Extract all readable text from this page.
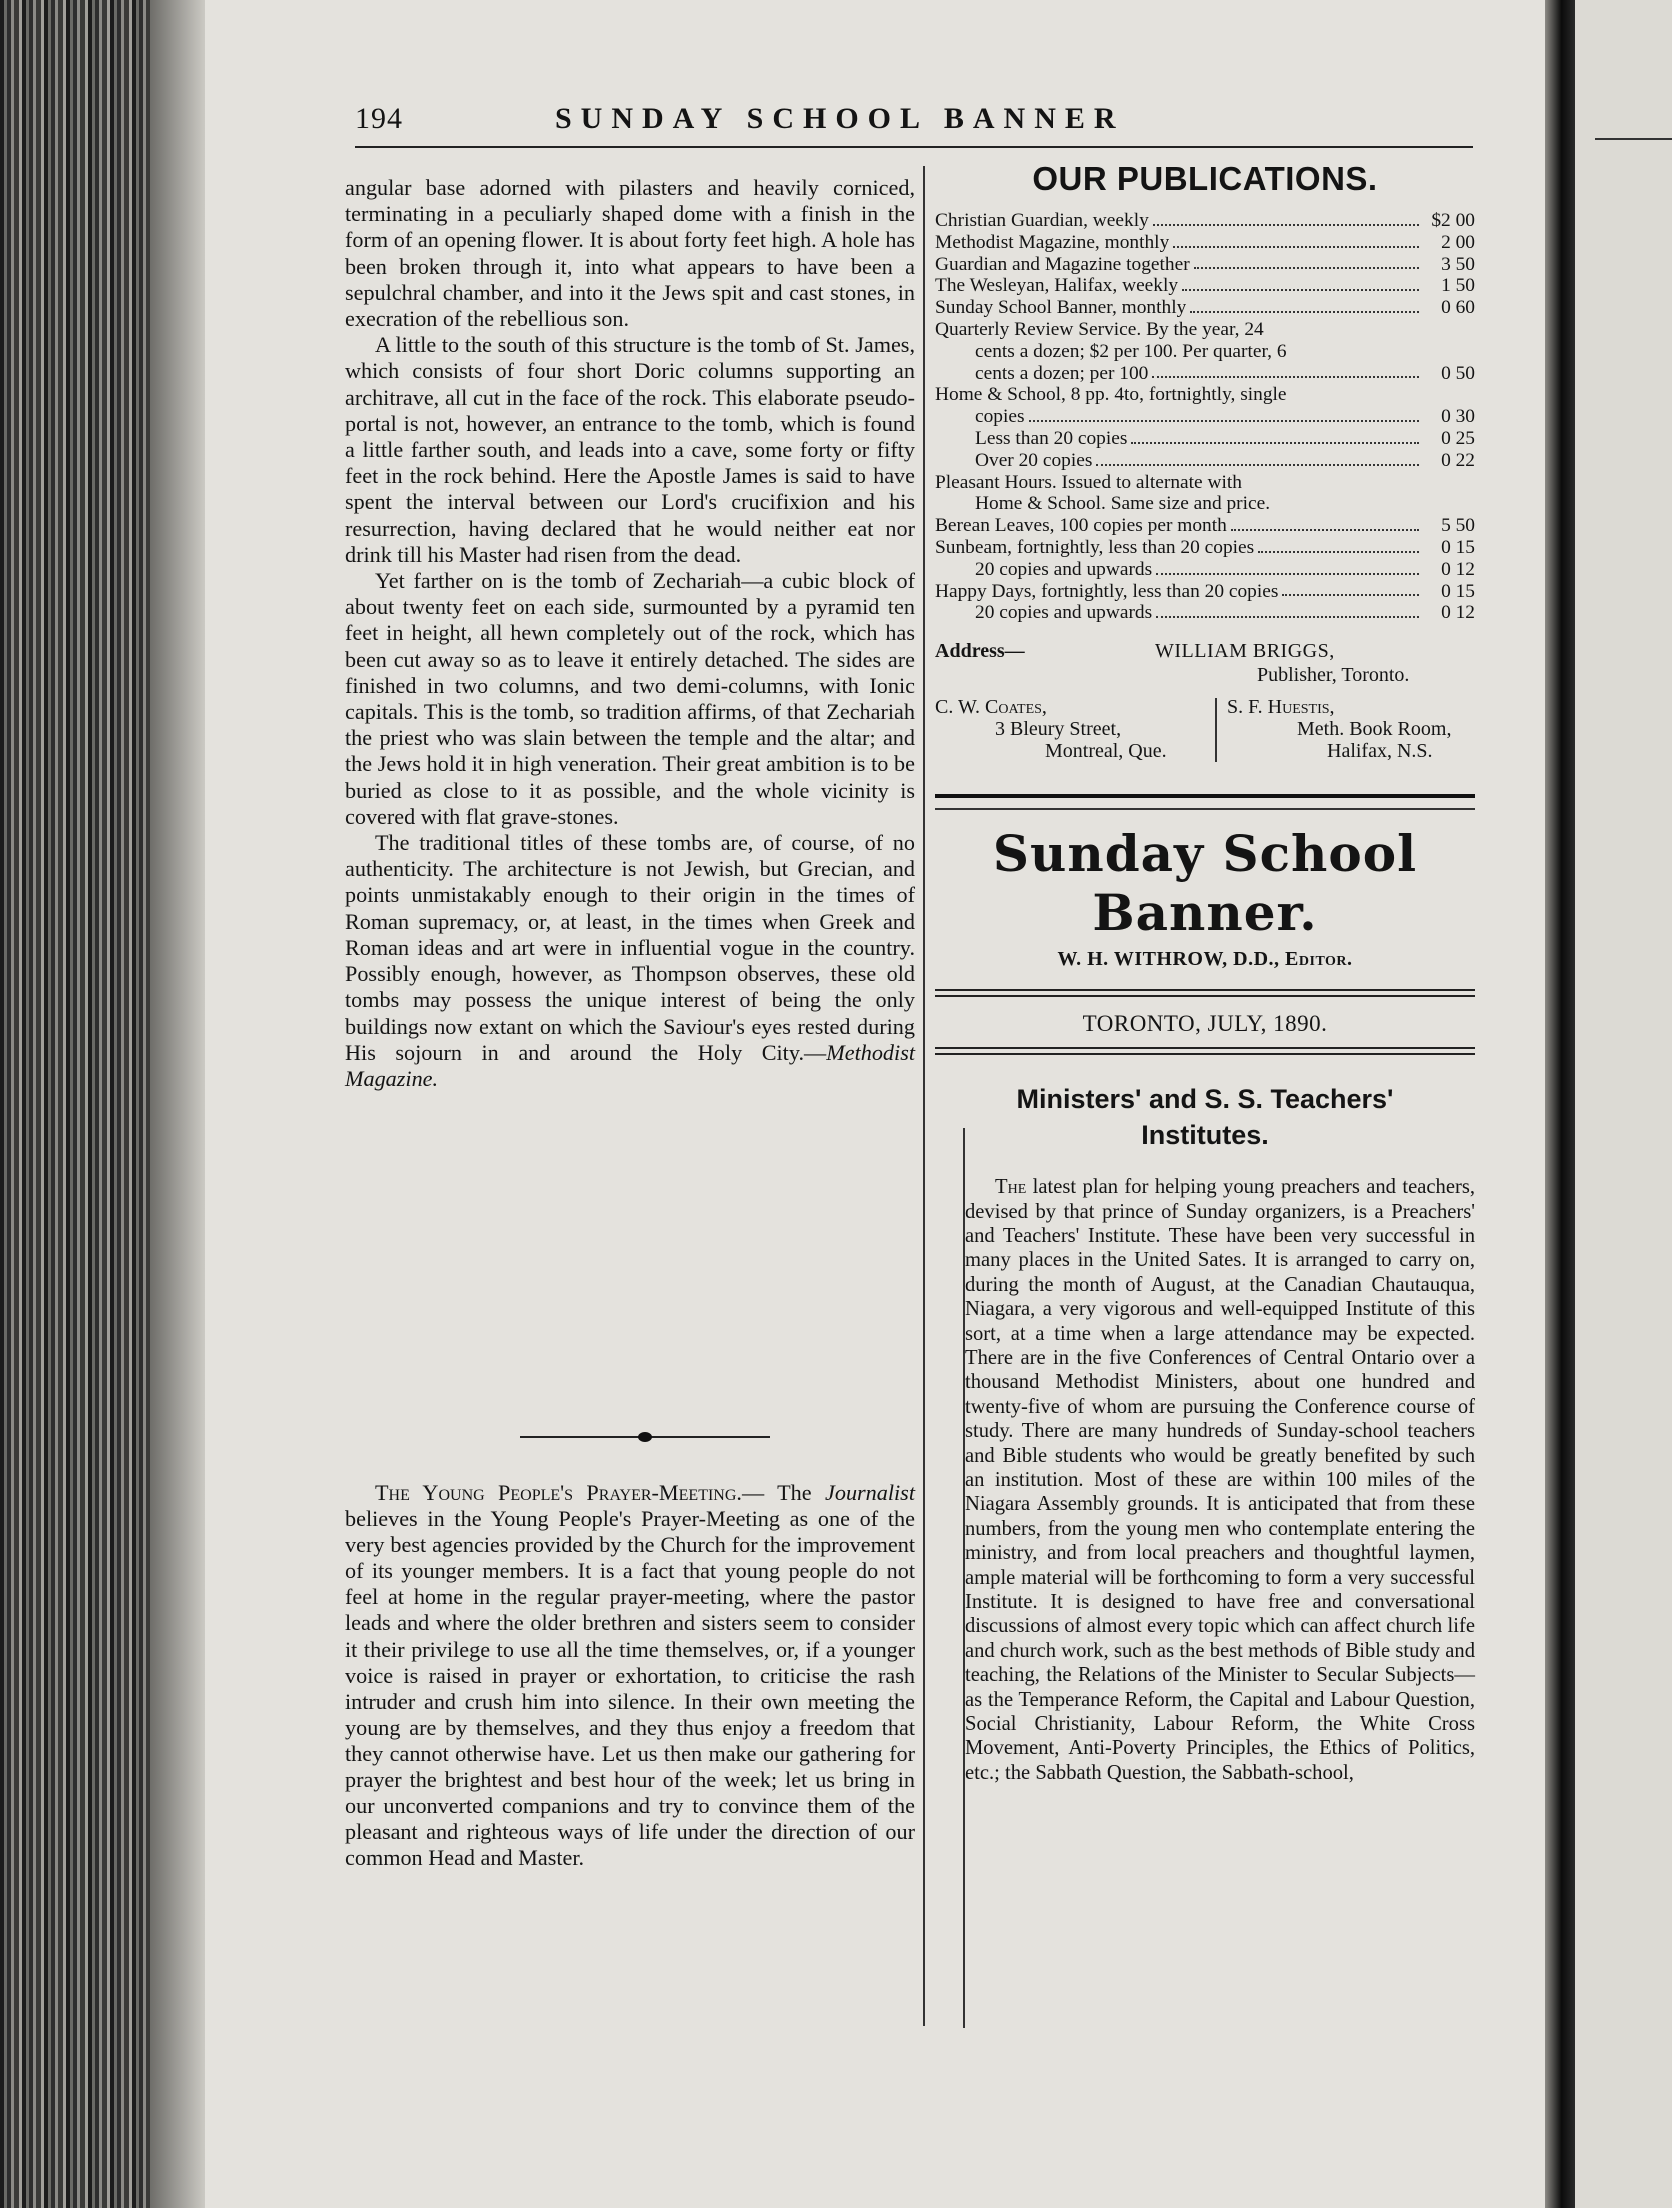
194	SUNDAY SCHOOL BANNER

angular base adorned with pilasters and heavily corniced, terminating in a peculiarly shaped dome with a finish in the form of an opening flower. It is about forty feet high. A hole has been broken through it, into what appears to have been a sepulchral chamber, and into it the Jews spit and cast stones, in execration of the rebellious son.

A little to the south of this structure is the tomb of St. James, which consists of four short Doric columns supporting an architrave, all cut in the face of the rock. This elaborate pseudo-portal is not, however, an entrance to the tomb, which is found a little farther south, and leads into a cave, some forty or fifty feet in the rock behind. Here the Apostle James is said to have spent the interval between our Lord's crucifixion and his resurrection, having declared that he would neither eat nor drink till his Master had risen from the dead.

Yet farther on is the tomb of Zechariah—a cubic block of about twenty feet on each side, surmounted by a pyramid ten feet in height, all hewn completely out of the rock, which has been cut away so as to leave it entirely detached. The sides are finished in two columns, and two demi-columns, with Ionic capitals. This is the tomb, so tradition affirms, of that Zechariah the priest who was slain between the temple and the altar; and the Jews hold it in high veneration. Their great ambition is to be buried as close to it as possible, and the whole vicinity is covered with flat grave-stones.

The traditional titles of these tombs are, of course, of no authenticity. The architecture is not Jewish, but Grecian, and points unmistakably enough to their origin in the times of Roman supremacy, or, at least, in the times when Greek and Roman ideas and art were in influential vogue in the country. Possibly enough, however, as Thompson observes, these old tombs may possess the unique interest of being the only buildings now extant on which the Saviour's eyes rested during His sojourn in and around the Holy City.—Methodist Magazine.

The Young People's Prayer-Meeting.— The Journalist believes in the Young People's Prayer-Meeting as one of the very best agencies provided by the Church for the improvement of its younger members. It is a fact that young people do not feel at home in the regular prayer-meeting, where the pastor leads and where the older brethren and sisters seem to consider it their privilege to use all the time themselves, or, if a younger voice is raised in prayer or exhortation, to criticise the rash intruder and crush him into silence. In their own meeting the young are by themselves, and they thus enjoy a freedom that they cannot otherwise have. Let us then make our gathering for prayer the brightest and best hour of the week; let us bring in our unconverted companions and try to convince them of the pleasant and righteous ways of life under the direction of our common Head and Master.

OUR PUBLICATIONS.
Christian Guardian, weekly	$2 00
Methodist Magazine, monthly	2 00
Guardian and Magazine together	3 50
The Wesleyan, Halifax, weekly	1 50
Sunday School Banner, monthly	0 60
Quarterly Review Service. By the year, 24
cents a dozen; $2 per 100. Per quarter, 6
cents a dozen; per 100	0 50
Home & School, 8 pp. 4to, fortnightly, single
copies	0 30
Less than 20 copies	0 25
Over 20 copies	0 22
Pleasant Hours. Issued to alternate with
Home & School. Same size and price.
Berean Leaves, 100 copies per month	5 50
Sunbeam, fortnightly, less than 20 copies	0 15
20 copies and upwards	0 12
Happy Days, fortnightly, less than 20 copies	0 15
20 copies and upwards	0 12
Address—	WILLIAM BRIGGS,
Publisher, Toronto.
C. W. Coates,
3 Bleury Street,
Montreal, Que.
S. F. Huestis,
Meth. Book Room,
Halifax, N.S.
Sunday School Banner.
W. H. WITHROW, D.D., Editor.
TORONTO, JULY, 1890.
Ministers' and S. S. Teachers'
Institutes.

The latest plan for helping young preachers and teachers, devised by that prince of Sunday organizers, is a Preachers' and Teachers' Institute. These have been very successful in many places in the United Sates. It is arranged to carry on, during the month of August, at the Canadian Chautauqua, Niagara, a very vigorous and well-equipped Institute of this sort, at a time when a large attendance may be expected. There are in the five Conferences of Central Ontario over a thousand Methodist Ministers, about one hundred and twenty-five of whom are pursuing the Conference course of study. There are many hundreds of Sunday-school teachers and Bible students who would be greatly benefited by such an institution. Most of these are within 100 miles of the Niagara Assembly grounds. It is anticipated that from these numbers, from the young men who contemplate entering the ministry, and from local preachers and thoughtful laymen, ample material will be forthcoming to form a very successful Institute. It is designed to have free and conversational discussions of almost every topic which can affect church life and church work, such as the best methods of Bible study and teaching, the Relations of the Minister to Secular Subjects—as the Temperance Reform, the Capital and Labour Question, Social Christianity, Labour Reform, the White Cross Movement, Anti-Poverty Principles, the Ethics of Politics, etc.; the Sabbath Question, the Sabbath-school,
